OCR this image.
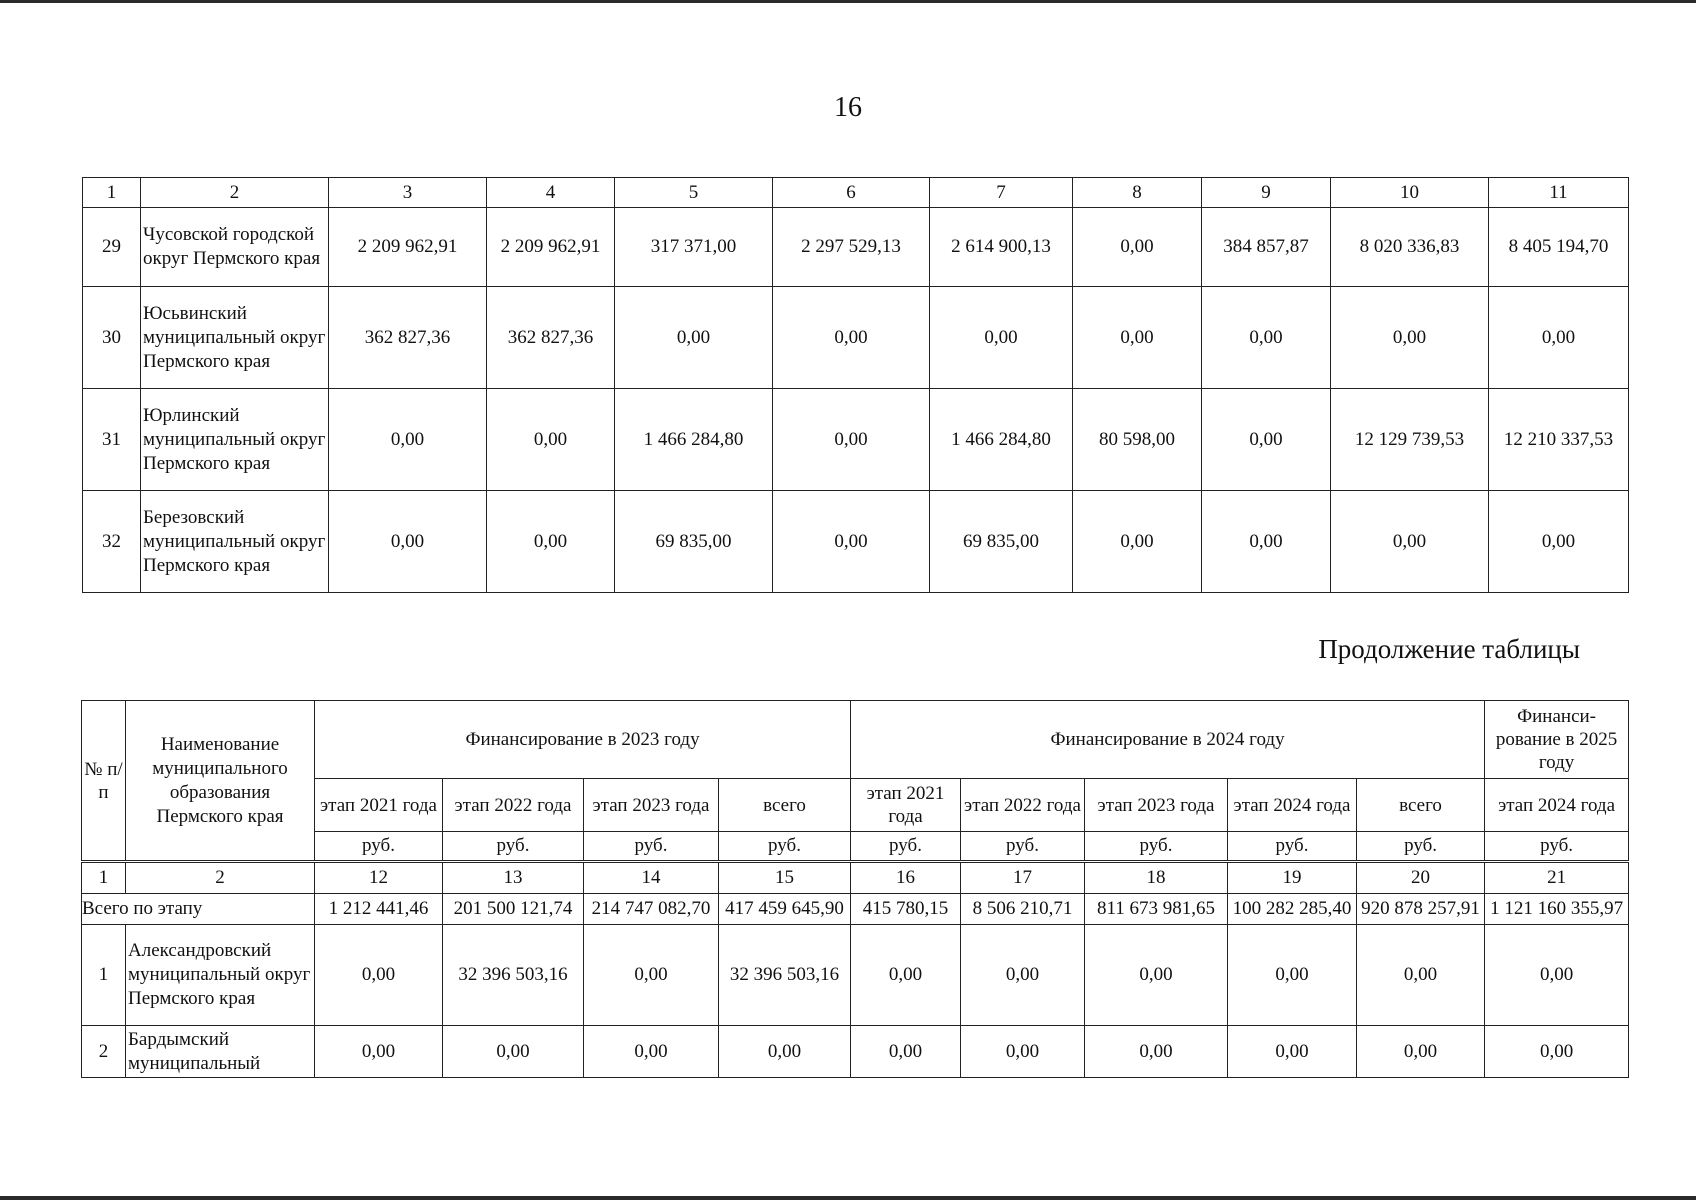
16
1	2	3	4	5	6	7	8	9	10	11
29	Чусовской городской округ Пермского края	2 209 962,91	2 209 962,91	317 371,00	2 297 529,13	2 614 900,13	0,00	384 857,87	8 020 336,83	8 405 194,70
30	Юсьвинский муниципальный округ Пермского края	362 827,36	362 827,36	0,00	0,00	0,00	0,00	0,00	0,00	0,00
31	Юрлинский муниципальный округ Пермского края	0,00	0,00	1 466 284,80	0,00	1 466 284,80	80 598,00	0,00	12 129 739,53	12 210 337,53
32	Березовский муниципальный округ Пермского края	0,00	0,00	69 835,00	0,00	69 835,00	0,00	0,00	0,00	0,00
Продолжение таблицы
№ п/п	Наименование муниципального образования Пермского края	Финансирование в 2023 году				Финансирование в 2024 году					Финанси-рование в 2025 году
		этап 2021 года	этап 2022 года	этап 2023 года	всего	этап 2021 года	этап 2022 года	этап 2023 года	этап 2024 года	всего	этап 2024 года
		руб.	руб.	руб.	руб.	руб.	руб.	руб.	руб.	руб.	руб.
1	2	12	13	14	15	16	17	18	19	20	21
Всего по этапу		1 212 441,46	201 500 121,74	214 747 082,70	417 459 645,90	415 780,15	8 506 210,71	811 673 981,65	100 282 285,40	920 878 257,91	1 121 160 355,97
1	Александровский муниципальный округ Пермского края	0,00	32 396 503,16	0,00	32 396 503,16	0,00	0,00	0,00	0,00	0,00	0,00
2	Бардымский муниципальный	0,00	0,00	0,00	0,00	0,00	0,00	0,00	0,00	0,00	0,00
